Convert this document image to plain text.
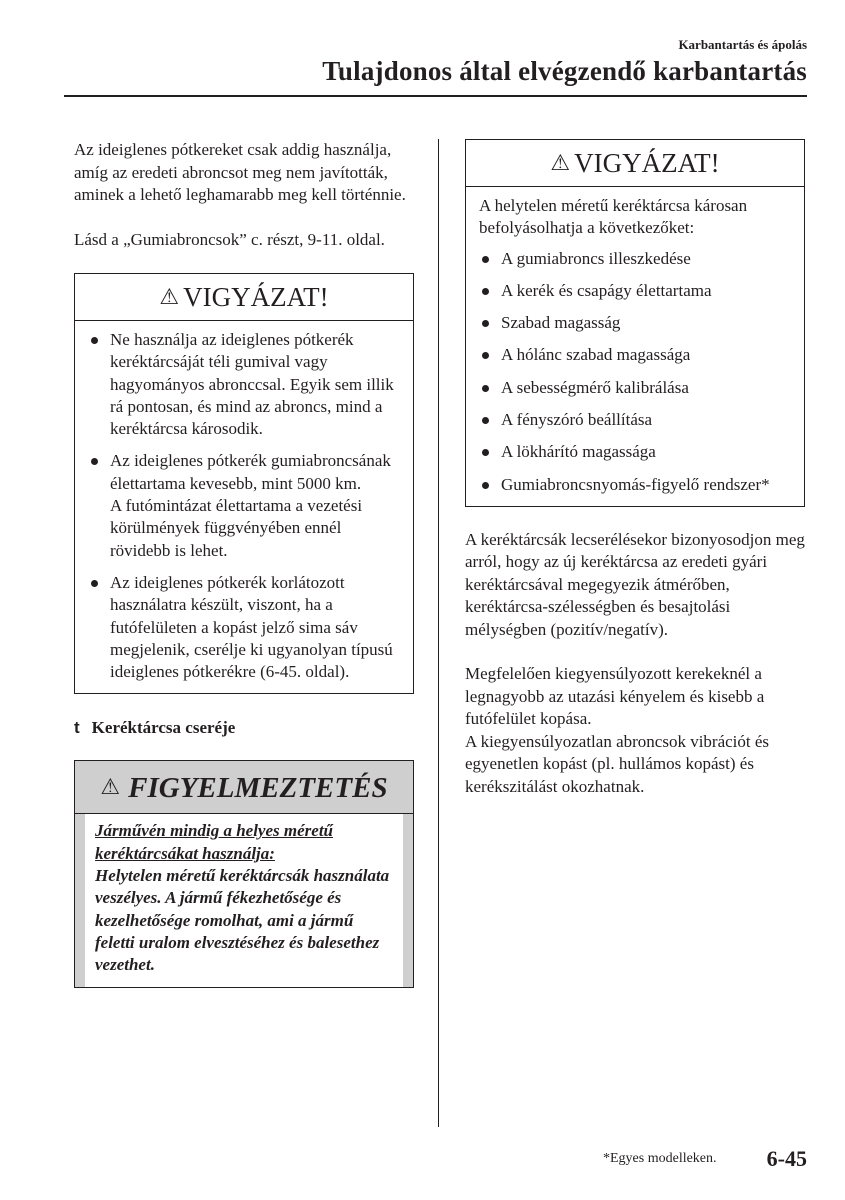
Karbantartás és ápolás
Tulajdonos által elvégzendő karbantartás

Az ideiglenes pótkereket csak addig használja, amíg az eredeti abroncsot meg nem javították, aminek a lehető leghamarabb meg kell történnie.

Lásd a „Gumiabroncsok” c. részt, 9-11. oldal.

⚠ VIGYÁZAT!
Ne használja az ideiglenes pótkerék keréktárcsáját téli gumival vagy hagyományos abronccsal. Egyik sem illik rá pontosan, és mind az abroncs, mind a keréktárcsa károsodik.
Az ideiglenes pótkerék gumiabroncsának élettartama kevesebb, mint 5000 km.
A futómintázat élettartama a vezetési körülmények függvényében ennél rövidebb is lehet.
Az ideiglenes pótkerék korlátozott használatra készült, viszont, ha a futófelületen a kopást jelző sima sáv megjelenik, cserélje ki ugyanolyan típusú ideiglenes pótkerékre (6-45. oldal).
t Keréktárcsa cseréje
⚠ FIGYELMEZTETÉS
Járművén mindig a helyes méretű keréktárcsákat használja:
Helytelen méretű keréktárcsák használata veszélyes. A jármű fékezhetősége és kezelhetősége romolhat, ami a jármű feletti uralom elvesztéséhez és balesethez vezethet.
⚠ VIGYÁZAT!
A helytelen méretű keréktárcsa károsan befolyásolhatja a következőket:
A gumiabroncs illeszkedése
A kerék és csapágy élettartama
Szabad magasság
A hólánc szabad magassága
A sebességmérő kalibrálása
A fényszóró beállítása
A lökhárító magassága
Gumiabroncsnyomás-figyelő rendszer*

A keréktárcsák lecserélésekor bizonyosodjon meg arról, hogy az új keréktárcsa az eredeti gyári keréktárcsával megegyezik átmérőben, keréktárcsa-szélességben és besajtolási mélységben (pozitív/negatív).

Megfelelően kiegyensúlyozott kerekeknél a legnagyobb az utazási kényelem és kisebb a futófelület kopása.

A kiegyensúlyozatlan abroncsok vibrációt és egyenetlen kopást (pl. hullámos kopást) és kerékszitálást okozhatnak.

*Egyes modelleken. 6-45
